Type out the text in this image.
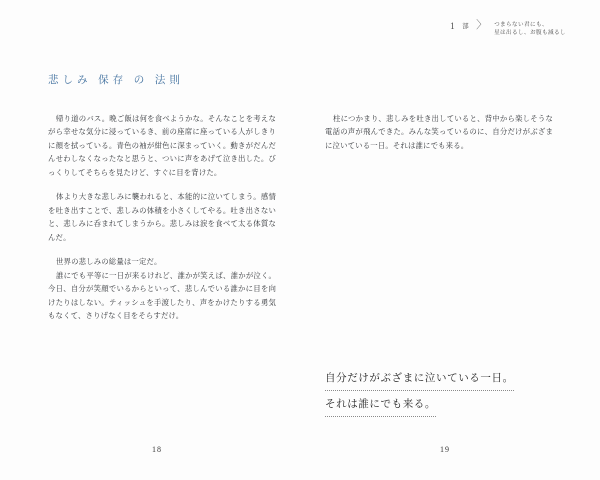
1 部 〉 つまらない君にも、
星は出るし、お腹も減るし
悲しみ 保存 の 法則

帰り道のバス。晩ご飯は何を食べようかな。そんなことを考えながら幸せな気分に浸っているき、前の座席に座っている人がしきりに顔を拭っている。青色の袖が紺色に深まっていく。動きがだんだんせわしなくなったなと思うと、ついに声をあげて泣き出した。びっくりしてそちらを見たけど、すぐに目を背けた。

体より大きな悲しみに襲われると、本能的に泣いてしまう。感情を吐き出すことで、悲しみの体積を小さくしてやる。吐き出さないと、悲しみに呑まれてしまうから。悲しみは涙を食べて太る体質なんだ。

世界の悲しみの総量は一定だ。

誰にでも平等に一日が来るけれど、誰かが笑えば、誰かが泣く。今日、自分が笑顔でいるからといって、悲しんでいる誰かに目を向けたりはしない。ティッシュを手渡したり、声をかけたりする勇気もなくて、さりげなく目をそらすだけ。

柱につかまり、悲しみを吐き出していると、背中から楽しそうな電話の声が飛んできた。みんな笑っているのに、自分だけがぶざまに泣いている一日。それは誰にでも来る。

自分だけがぶざまに泣いている一日。
それは誰にでも来る。
18	19
